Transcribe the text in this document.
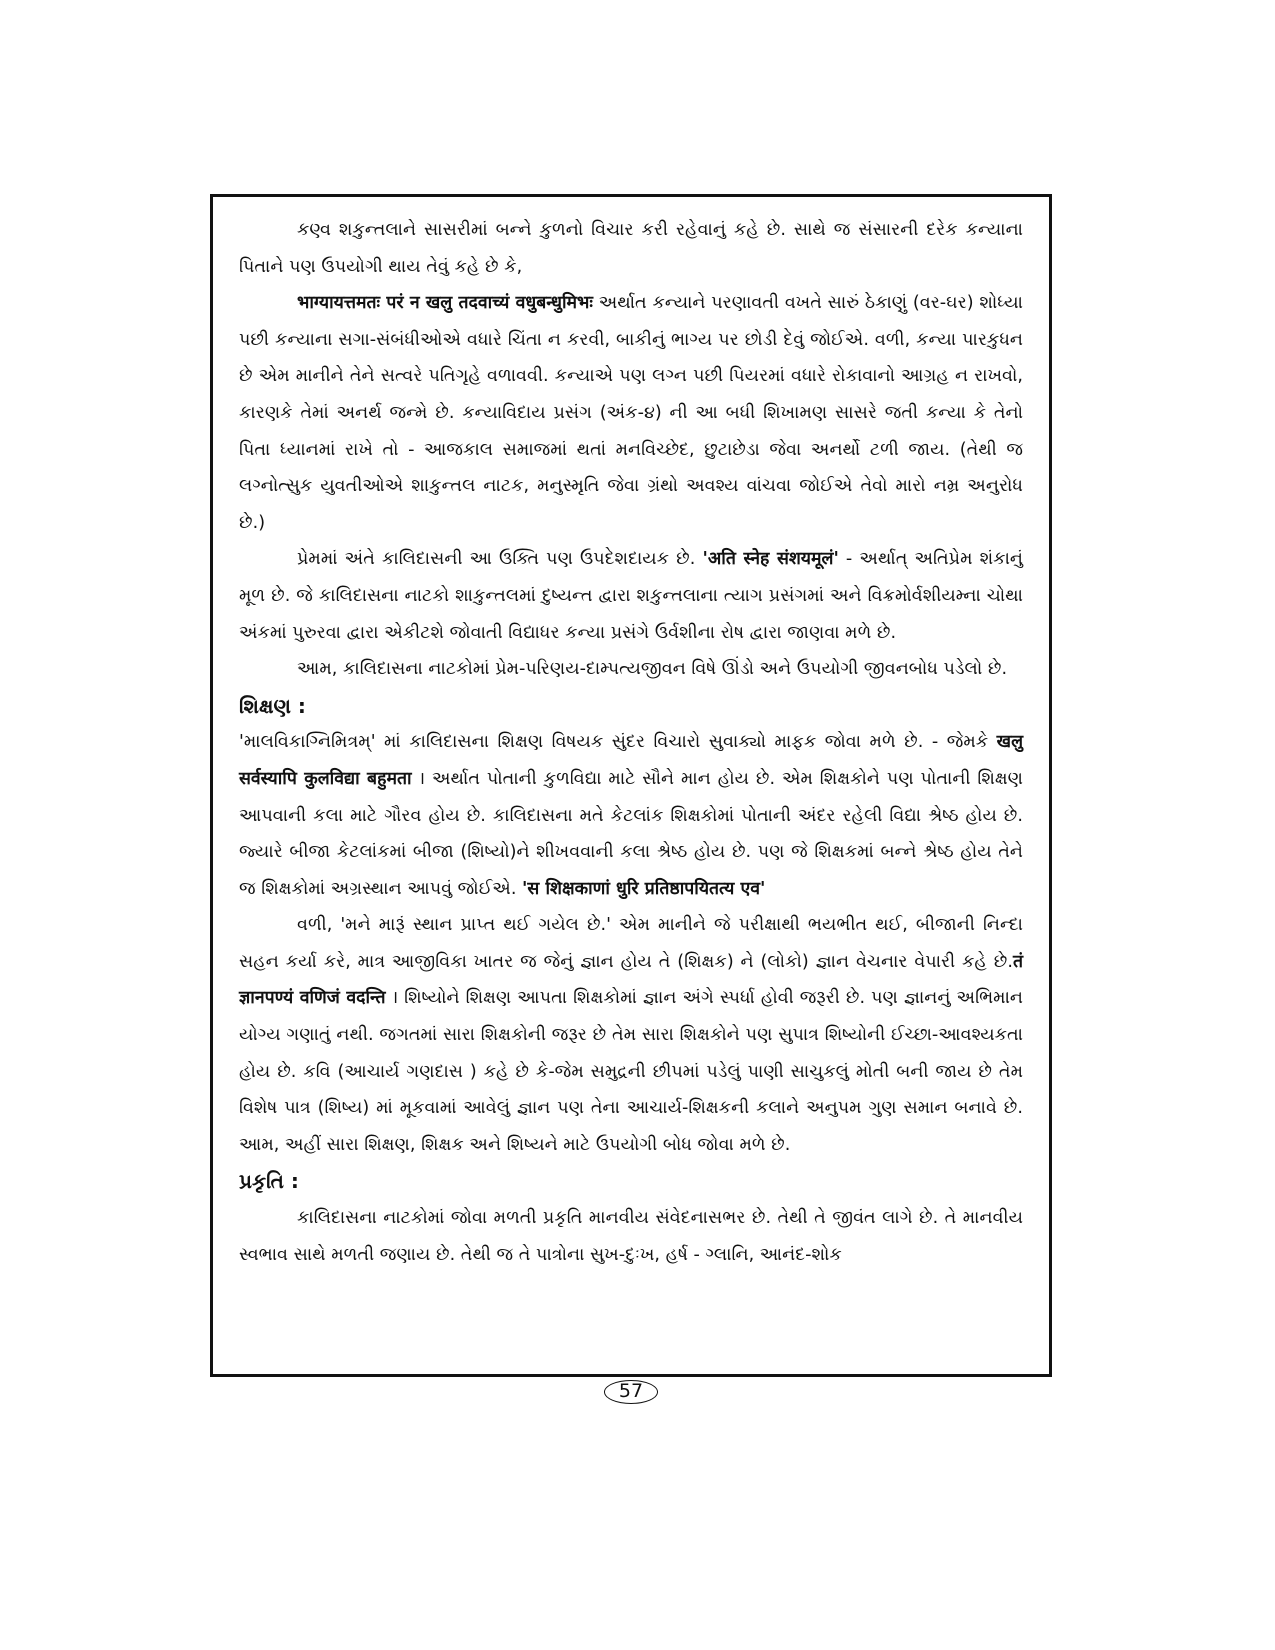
કણ્વ શકુન્તલાને સાસરીમાં બન્ને કુળનો વિચાર કરી રહેવાનું કહે છે. સાથે જ સંસારની દરેક કન્યાના પિતાને પણ ઉપયોગી થાય તેવું કહે છે કે,

भाग्यायत्तमतः परं न खलु तदवाच्यं वधुबन्धुमिभः અર્થાત કન્યાને પરણાવતી વખતે સારું ઠેકાણું (વર-ઘર) શોધ્યા પછી કન્યાના સગા-સંબંધીઓએ વધારે ચિંતા ન કરવી, બાકીનું ભાગ્ય પર છોડી દેવું જોઈએ. વળી, કન્યા પારકુધન છે એમ માનીને તેને સત્વરે પતિગૃહે વળાવવી. કન્યાએ પણ લગ્ન પછી પિયરમાં વધારે રોકાવાનો આગ્રહ ન રાખવો, કારણકે તેમાં અનર્થ જન્મે છે. કન્યાવિદાય પ્રસંગ (અંક-૪) ની આ બધી શિખામણ સાસરે જતી કન્યા કે તેનો પિતા ધ્યાનમાં રાખે તો - આજકાલ સમાજમાં થતાં મનવિચ્છેદ, છુટાછેડા જેવા અનર્થો ટળી જાય. (તેથી જ લગ્નોત્સુક યુવતીઓએ શાકુન્તલ નાટક, મનુસ્મૃતિ જેવા ગ્રંથો અવશ્ય વાંચવા જોઈએ તેવો મારો નમ્ર અનુરોધ છે.)

પ્રેમમાં અંતે કાલિદાસની આ ઉક્તિ પણ ઉપદેશદાયક છે. 'अति स्नेह संशयमूलं' - અર્થાત્ અતિપ્રેમ શંકાનું મૂળ છે. જે કાલિદાસના નાટકો શાકુન્તલમાં દુષ્યન્ત દ્વારા શકુન્તલાના ત્યાગ પ્રસંગમાં અને વિક્રમોર્વશીયમ્ના ચોથા અંકમાં પુરુરવા દ્વારા એકીટશે જોવાતી વિદ્યાધર કન્યા પ્રસંગે ઉર્વશીના રોષ દ્વારા જાણવા મળે છે.

આમ, કાલિદાસના નાટકોમાં પ્રેમ-પરિણય-દામ્પત્યજીવન વિષે ઊંડો અને ઉપયોગી જીવનબોધ પડેલો છે.

શિક્ષણ :

'માલવિકાગ્નિમિત્રમ્' માં કાલિદાસના શિક્ષણ વિષયક સુંદર વિચારો સુવાક્યો માફક જોવા મળે છે. - જેમકે खलु सर्वस्यापि कुलविद्या बहुमता । અર્થાત પોતાની કુળવિદ્યા માટે સૌને માન હોય છે. એમ શિક્ષકોને પણ પોતાની શિક્ષણ આપવાની કલા માટે ગૌરવ હોય છે. કાલિદાસના મતે કેટલાંક શિક્ષકોમાં પોતાની અંદર રહેલી વિદ્યા શ્રેષ્ઠ હોય છે. જ્યારે બીજા કેટલાંકમાં બીજા (શિષ્યો)ને શીખવવાની કલા શ્રેષ્ઠ હોય છે. પણ જે શિક્ષકમાં બન્ને શ્રેષ્ઠ હોય તેને જ શિક્ષકોમાં અગ્રસ્થાન આપવું જોઈએ. 'स शिक्षकाणां धुरि प्रतिष्ठापयितत्य एव'

વળી, 'મને મારૂં સ્થાન પ્રાપ્ત થઈ ગયેલ છે.' એમ માનીને જે પરીક્ષાથી ભયભીત થઈ, બીજાની નિન્દા સહન કર્યા કરે, માત્ર આજીવિકા ખાતર જ જેનું જ્ઞાન હોય તે (શિક્ષક) ને (લોકો) જ્ઞાન વેચનાર વેપારી કહે છે.तं ज्ञानपण्यं वणिजं वदन्ति । શિષ્યોને શિક્ષણ આપતા શિક્ષકોમાં જ્ઞાન અંગે સ્પર્ધા હોવી જરૂરી છે. પણ જ્ઞાનનું અભિમાન યોગ્ય ગણાતું નથી. જગતમાં સારા શિક્ષકોની જરૂર છે તેમ સારા શિક્ષકોને પણ સુપાત્ર શિષ્યોની ઈચ્છા-આવશ્યકતા હોય છે. કવિ (આચાર્ય ગણદાસ ) કહે છે કે-જેમ સમુદ્રની છીપમાં પડેલું પાણી સાચુકલું મોતી બની જાય છે તેમ વિશેષ પાત્ર (શિષ્ય) માં મૂકવામાં આવેલું જ્ઞાન પણ તેના આચાર્ય-શિક્ષકની કલાને અનુપમ ગુણ સમાન બનાવે છે. આમ, અહીં સારા શિક્ષણ, શિક્ષક અને શિષ્યને માટે ઉપયોગી બોધ જોવા મળે છે.

પ્રકૃતિ :

કાલિદાસના નાટકોમાં જોવા મળતી પ્રકૃતિ માનવીય સંવેદનાસભર છે. તેથી તે જીવંત લાગે છે. તે માનવીય સ્વભાવ સાથે મળતી જણાય છે. તેથી જ તે પાત્રોના સુખ-દુઃખ, હર્ષ - ગ્લાનિ, આનંદ-શોક

57
